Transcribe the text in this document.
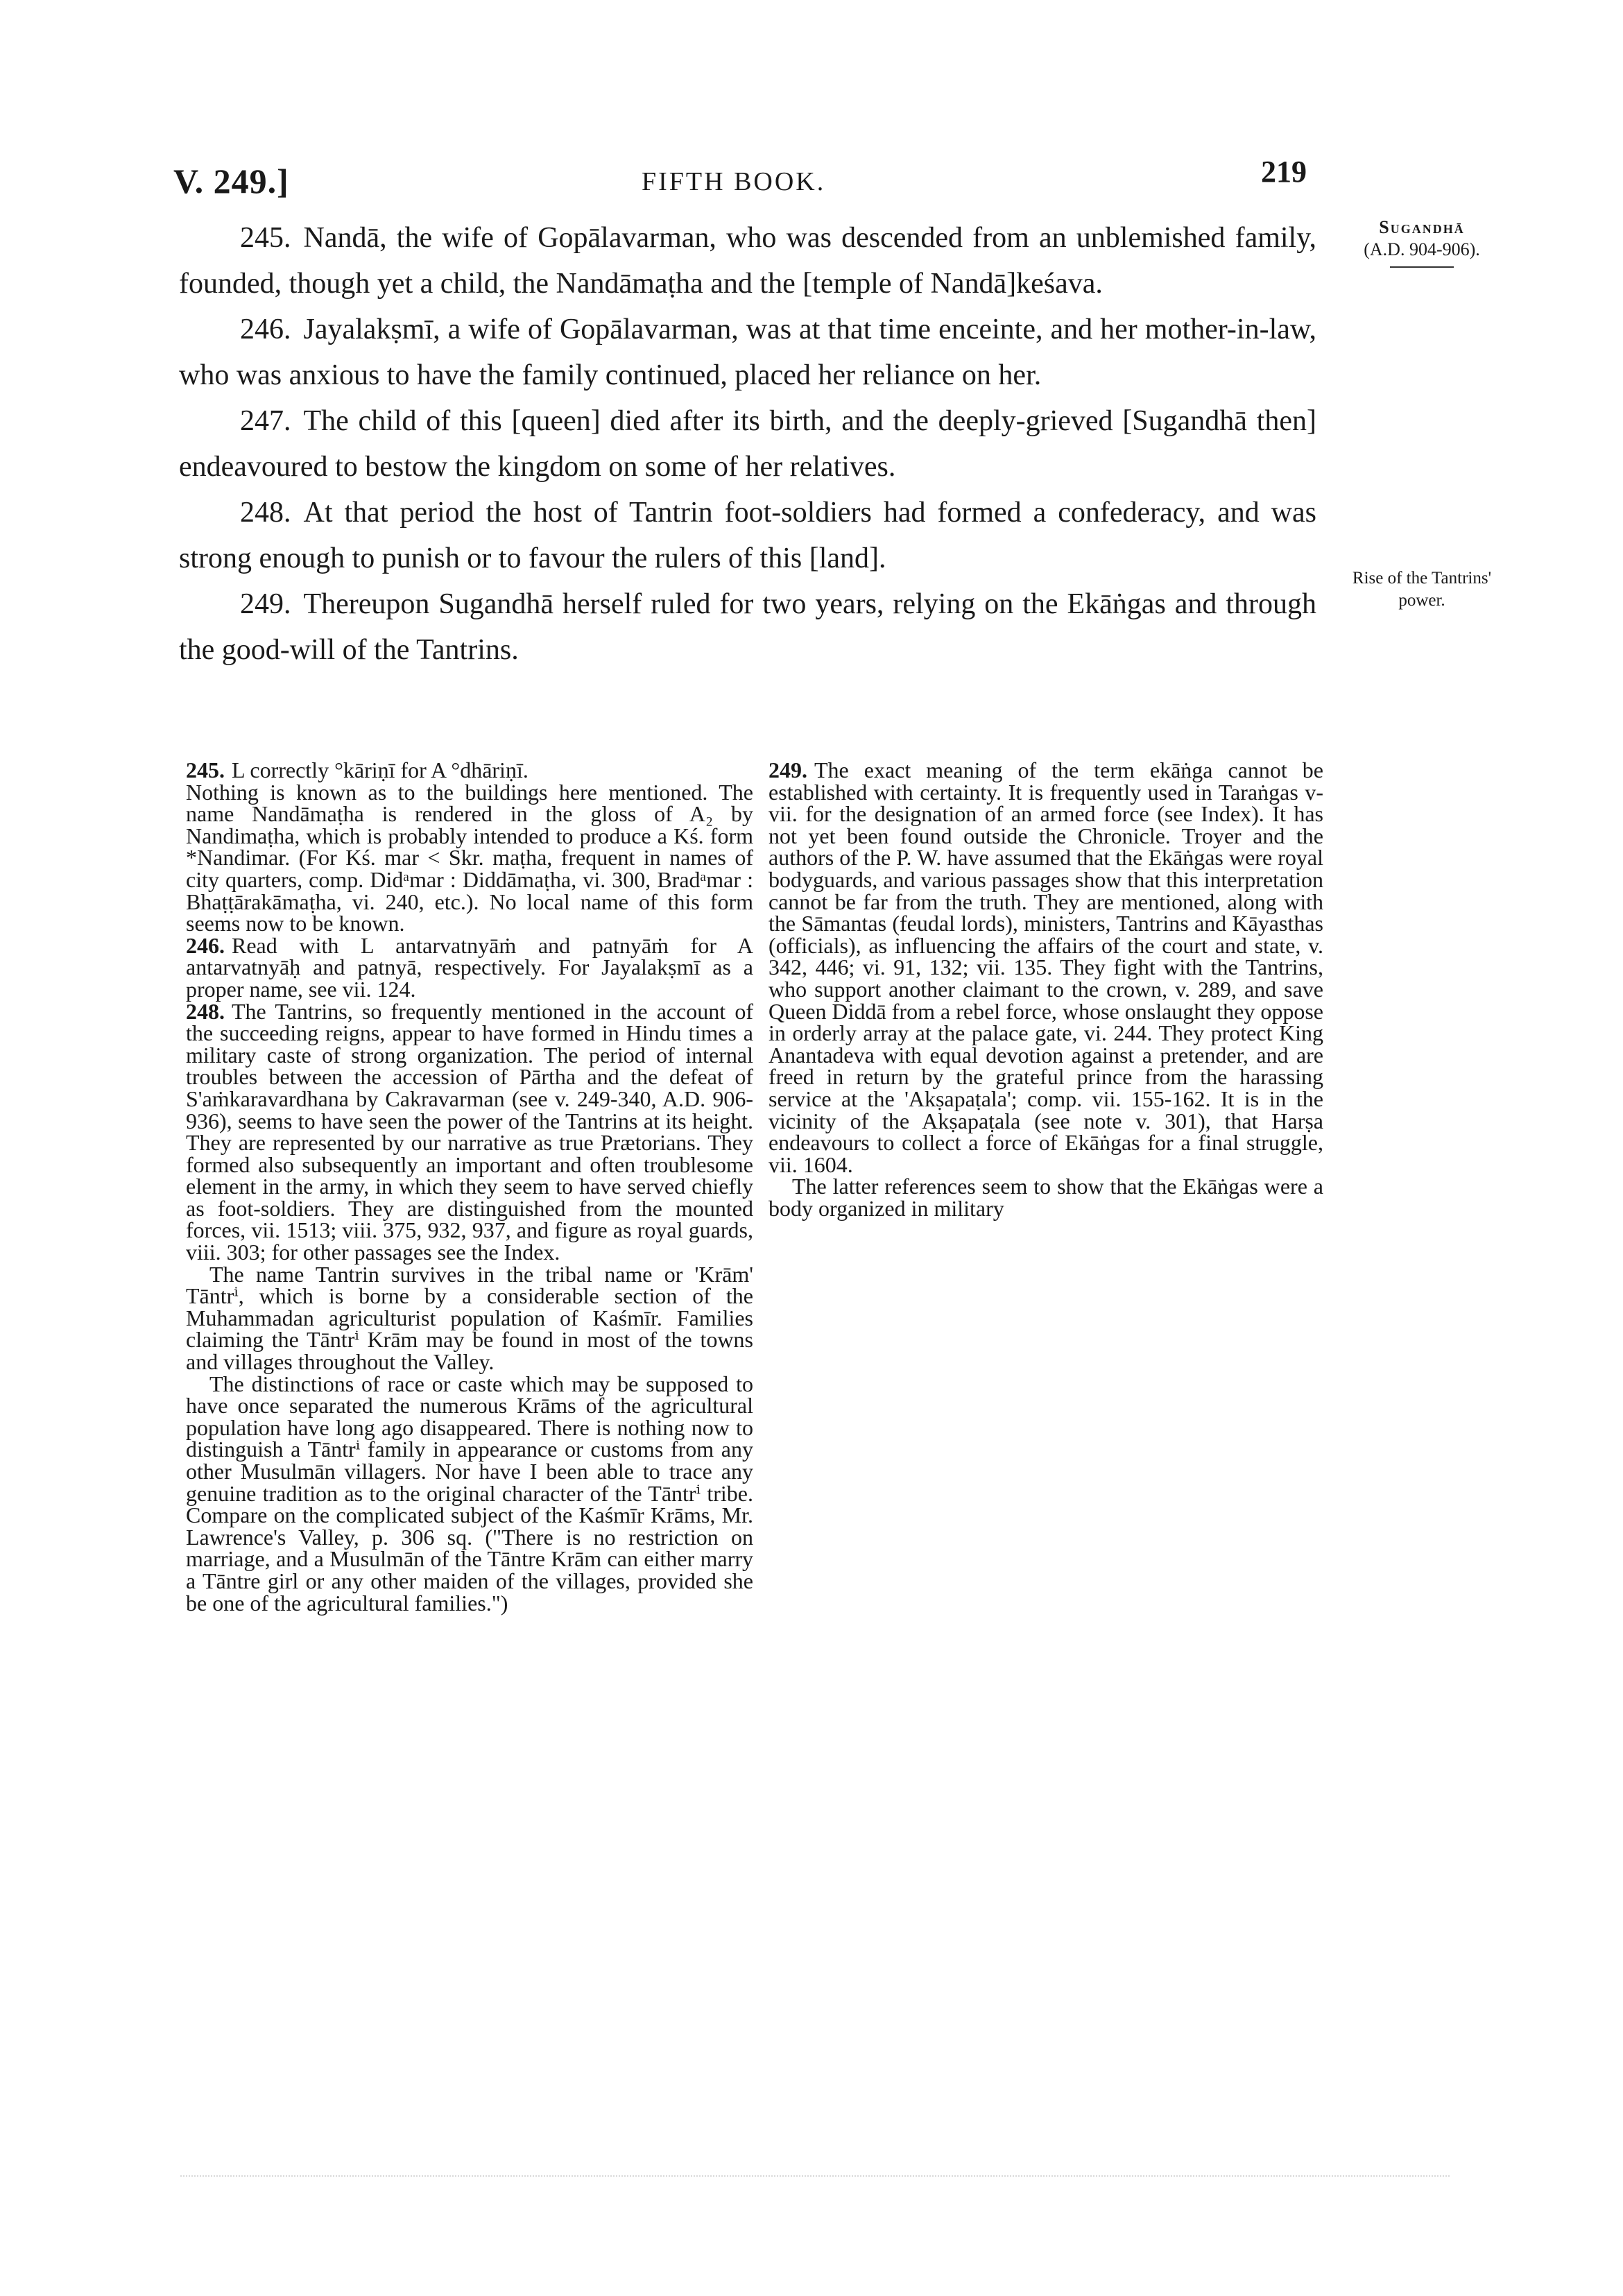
V. 249.]	FIFTH BOOK.	219
Sugandhā
(A.D. 904-906).
Rise of the Tantrins'
power.

245. Nandā, the wife of Gopālavarman, who was descended from an unblemished family, founded, though yet a child, the Nandāmaṭha and the [temple of Nandā]keśava.

246. Jayalakṣmī, a wife of Gopālavarman, was at that time enceinte, and her mother-in-law, who was anxious to have the family continued, placed her reliance on her.

247. The child of this [queen] died after its birth, and the deeply-grieved [Sugandhā then] endeavoured to bestow the kingdom on some of her relatives.

248. At that period the host of Tantrin foot-soldiers had formed a confederacy, and was strong enough to punish or to favour the rulers of this [land].

249. Thereupon Sugandhā herself ruled for two years, relying on the Ekāṅgas and through the good-will of the Tantrins.

245. L correctly °kāriṇī for A °dhāriṇī.

Nothing is known as to the buildings here mentioned. The name Nandāmaṭha is rendered in the gloss of A₂ by Nandimaṭha, which is probably intended to produce a Kś. form *Nandimar. (For Kś. mar < Skr. maṭha, frequent in names of city quarters, comp. Didᵃmar : Diddāmaṭha, vi. 300, Bradᵃmar : Bhaṭṭārakāmaṭha, vi. 240, etc.). No local name of this form seems now to be known.

246. Read with L antarvatnyāṁ and patnyāṁ for A antarvatnyāḥ and patnyā, respectively. For Jayalakṣmī as a proper name, see vii. 124.

248. The Tantrins, so frequently mentioned in the account of the succeeding reigns, appear to have formed in Hindu times a military caste of strong organization. The period of internal troubles between the accession of Pārtha and the defeat of S'aṁkaravardhana by Cakravarman (see v. 249-340, A.D. 906-936), seems to have seen the power of the Tantrins at its height. They are represented by our narrative as true Prætorians. They formed also subsequently an important and often troublesome element in the army, in which they seem to have served chiefly as foot-soldiers. They are distinguished from the mounted forces, vii. 1513; viii. 375, 932, 937, and figure as royal guards, viii. 303; for other passages see the Index.

The name Tantrin survives in the tribal name or 'Krām' Tāntrⁱ, which is borne by a considerable section of the Muhammadan agriculturist population of Kaśmīr. Families claiming the Tāntrⁱ Krām may be found in most of the towns and villages throughout the Valley.

The distinctions of race or caste which may be supposed to have once separated the numerous Krāms of the agricultural population have long ago disappeared. There is nothing now to distinguish a Tāntrⁱ family in appearance or customs from any other Musulmān villagers. Nor have I been able to trace any genuine tradition as to the original character of the Tāntrⁱ tribe. Compare on the complicated subject of the Kaśmīr Krāms, Mr. Lawrence's Valley, p. 306 sq. ("There is no restriction on marriage, and a Musulmān of the Tāntre Krām can either marry a Tāntre girl or any other maiden of the villages, provided she be one of the agricultural families.")

249. The exact meaning of the term ekāṅga cannot be established with certainty. It is frequently used in Taraṅgas v-vii. for the designation of an armed force (see Index). It has not yet been found outside the Chronicle. Troyer and the authors of the P. W. have assumed that the Ekāṅgas were royal bodyguards, and various passages show that this interpretation cannot be far from the truth. They are mentioned, along with the Sāmantas (feudal lords), ministers, Tantrins and Kāyasthas (officials), as influencing the affairs of the court and state, v. 342, 446; vi. 91, 132; vii. 135. They fight with the Tantrins, who support another claimant to the crown, v. 289, and save Queen Diddā from a rebel force, whose onslaught they oppose in orderly array at the palace gate, vi. 244. They protect King Anantadeva with equal devotion against a pretender, and are freed in return by the grateful prince from the harassing service at the 'Akṣapaṭala'; comp. vii. 155-162. It is in the vicinity of the Akṣapaṭala (see note v. 301), that Harṣa endeavours to collect a force of Ekāṅgas for a final struggle, vii. 1604.

The latter references seem to show that the Ekāṅgas were a body organized in military
